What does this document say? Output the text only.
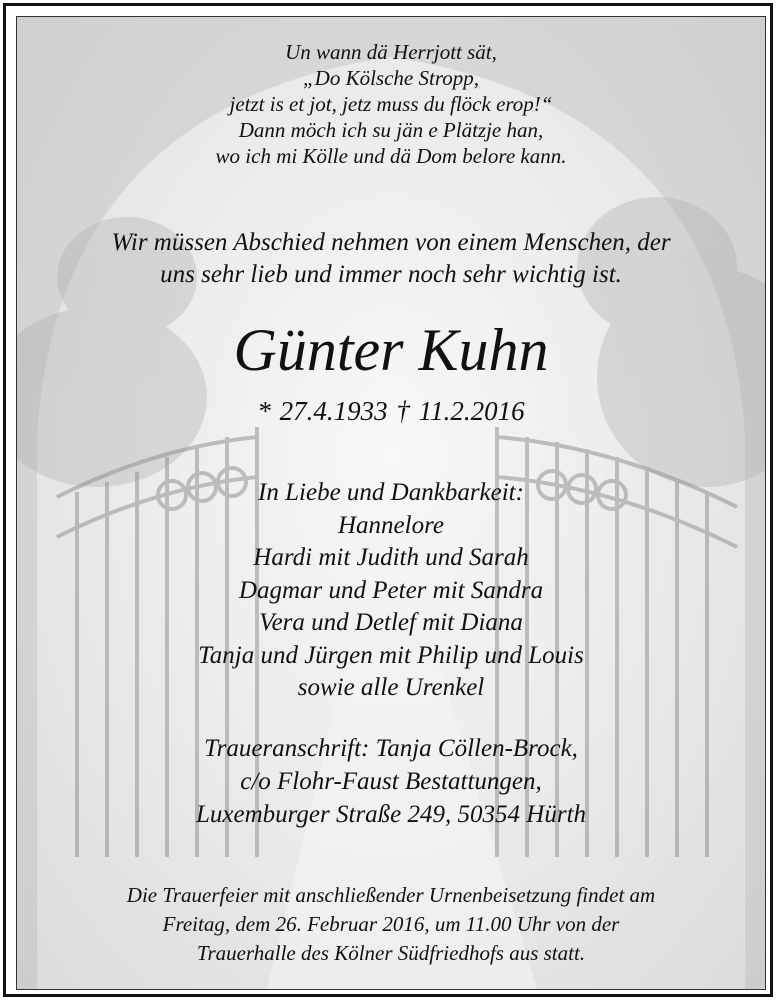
Un wann dä Herrjott sät,
„Do Kölsche Stropp,
jetzt is et jot, jetz muss du flöck erop!“
Dann möch ich su jän e Plätzje han,
wo ich mi Kölle und dä Dom belore kann.
Wir müssen Abschied nehmen von einem Menschen, der
uns sehr lieb und immer noch sehr wichtig ist.
Günter Kuhn
* 27.4.1933 † 11.2.2016
In Liebe und Dankbarkeit:
Hannelore
Hardi mit Judith und Sarah
Dagmar und Peter mit Sandra
Vera und Detlef mit Diana
Tanja und Jürgen mit Philip und Louis
sowie alle Urenkel
Traueranschrift: Tanja Cöllen-Brock,
c/o Flohr-Faust Bestattungen,
Luxemburger Straße 249, 50354 Hürth
Die Trauerfeier mit anschließender Urnenbeisetzung findet am
Freitag, dem 26. Februar 2016, um 11.00 Uhr von der
Trauerhalle des Kölner Südfriedhofs aus statt.
